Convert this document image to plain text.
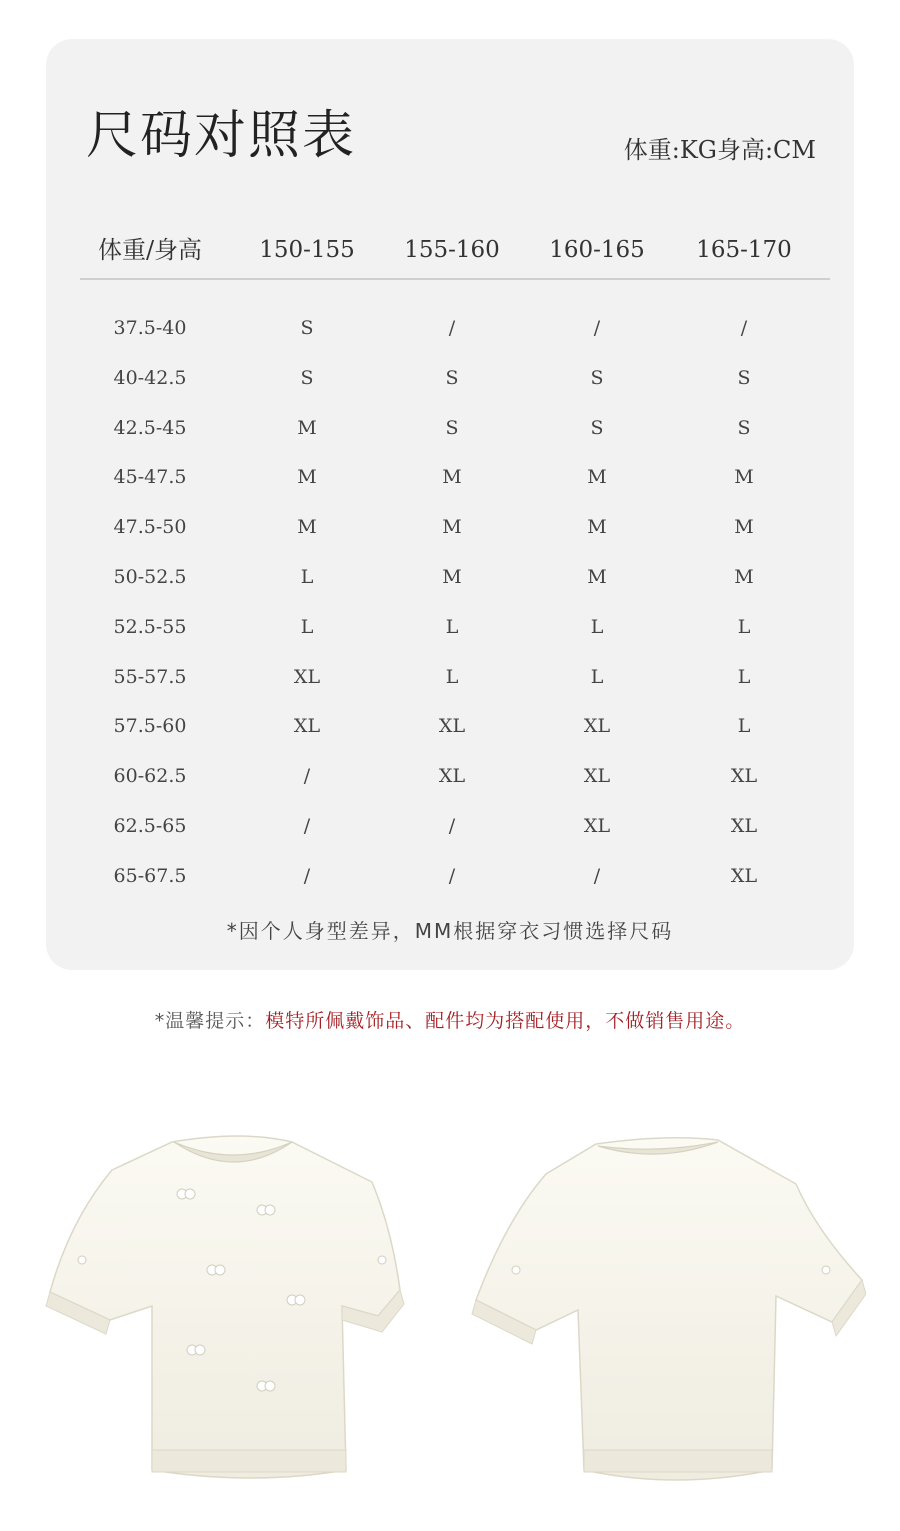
尺码对照表	体重:KG身高:CM
体重/身高	150-155	155-160	160-165	165-170
37.5-40	S	/	/	/
40-42.5	S	S	S	S
42.5-45	M	S	S	S
45-47.5	M	M	M	M
47.5-50	M	M	M	M
50-52.5	L	M	M	M
52.5-55	L	L	L	L
55-57.5	XL	L	L	L
57.5-60	XL	XL	XL	L
60-62.5	/	XL	XL	XL
62.5-65	/	/	XL	XL
65-67.5	/	/	/	XL
*因个人身型差异，MM根据穿衣习惯选择尺码
*温馨提示：模特所佩戴饰品、配件均为搭配使用，不做销售用途。
